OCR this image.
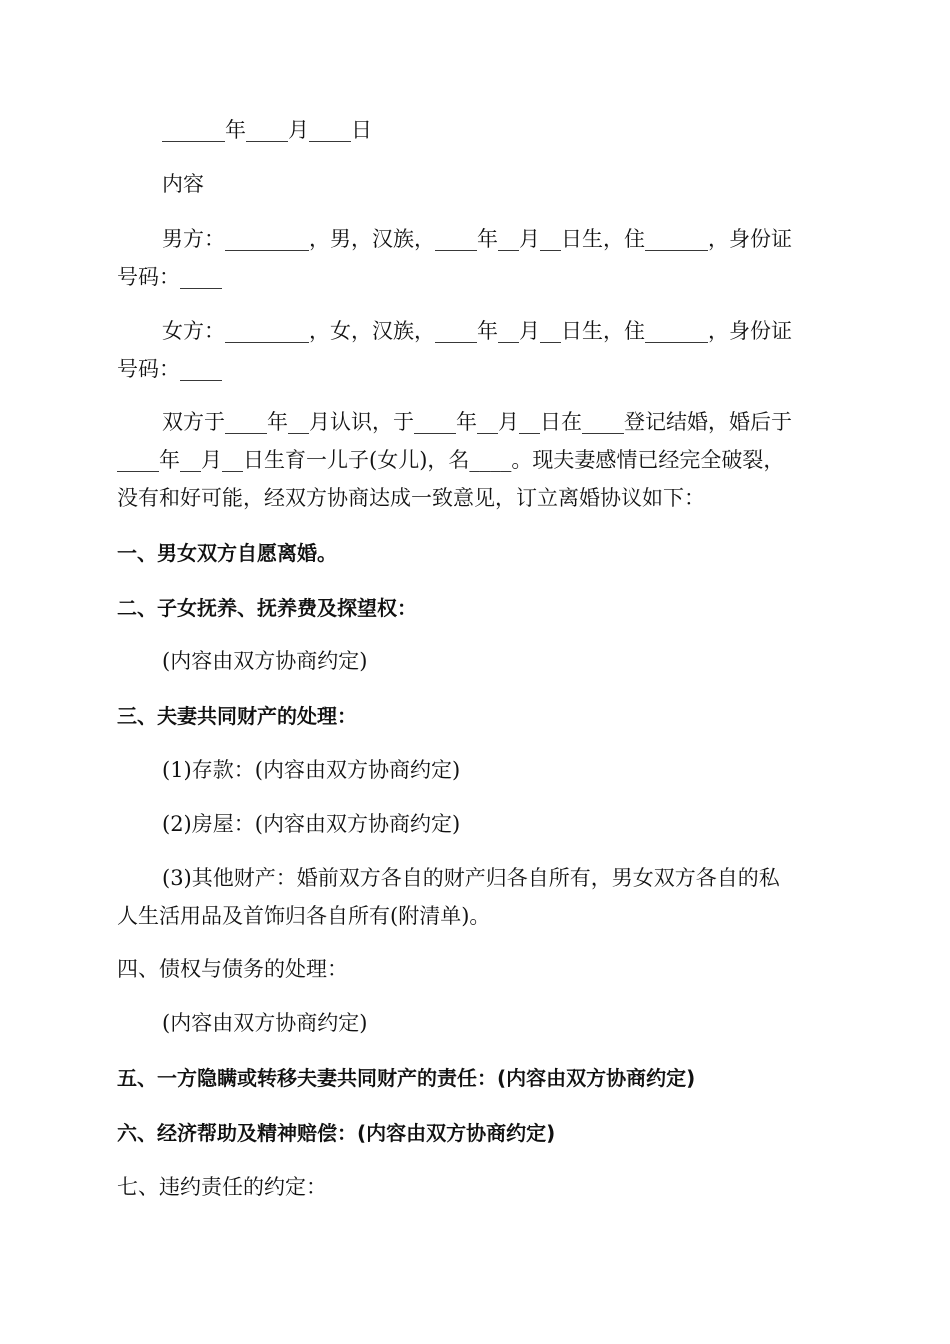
______年____月____日
内容
男方：________，男，汉族，____年__月__日生，住______，身份证
号码：____
女方：________，女，汉族，____年__月__日生，住______，身份证
号码：____
双方于____年__月认识，于____年__月__日在____登记结婚，婚后于
____年__月__日生育一儿子(女儿)，名____。现夫妻感情已经完全破裂，
没有和好可能，经双方协商达成一致意见，订立离婚协议如下：
一、男女双方自愿离婚。
二、子女抚养、抚养费及探望权：
(内容由双方协商约定)
三、夫妻共同财产的处理：
(1)存款：(内容由双方协商约定)
(2)房屋：(内容由双方协商约定)
(3)其他财产：婚前双方各自的财产归各自所有，男女双方各自的私
人生活用品及首饰归各自所有(附清单)。
四、债权与债务的处理：
(内容由双方协商约定)
五、一方隐瞒或转移夫妻共同财产的责任：(内容由双方协商约定)
六、经济帮助及精神赔偿：(内容由双方协商约定)
七、违约责任的约定：
